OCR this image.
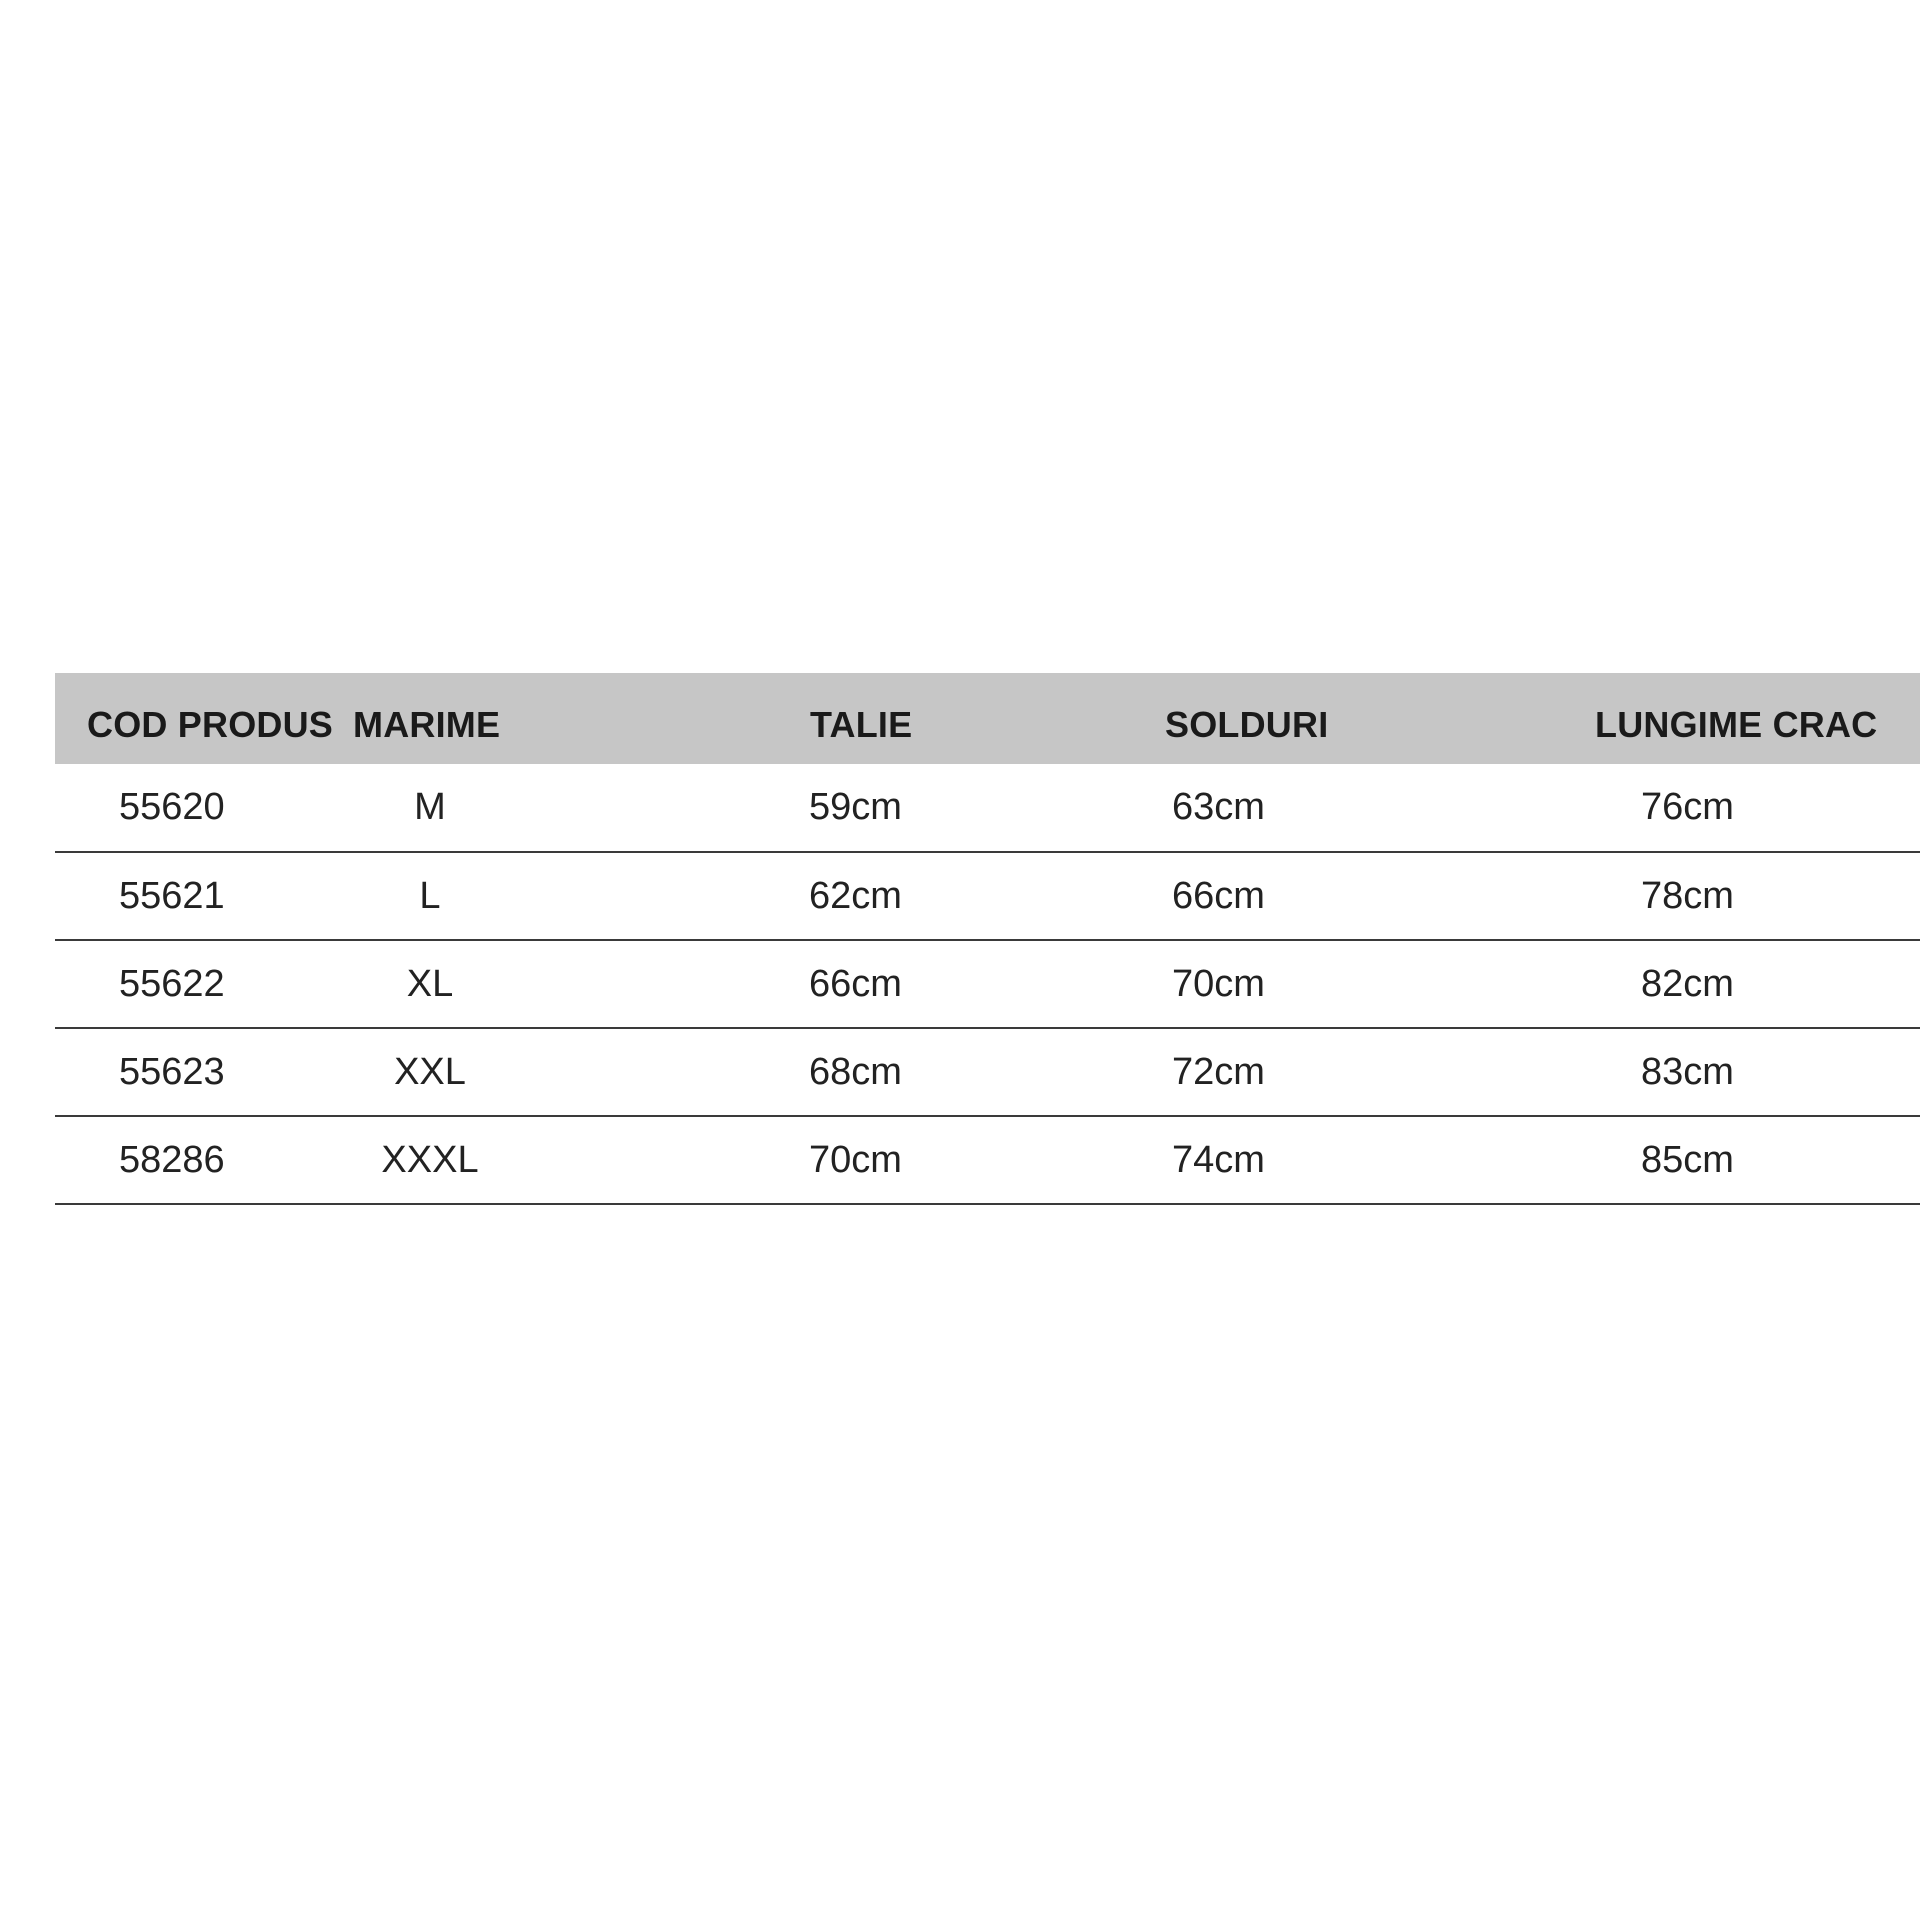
COD PRODUS	MARIME	TALIE	SOLDURI	LUNGIME CRAC
55620	M	59cm	63cm	76cm
55621	L	62cm	66cm	78cm
55622	XL	66cm	70cm	82cm
55623	XXL	68cm	72cm	83cm
58286	XXXL	70cm	74cm	85cm
